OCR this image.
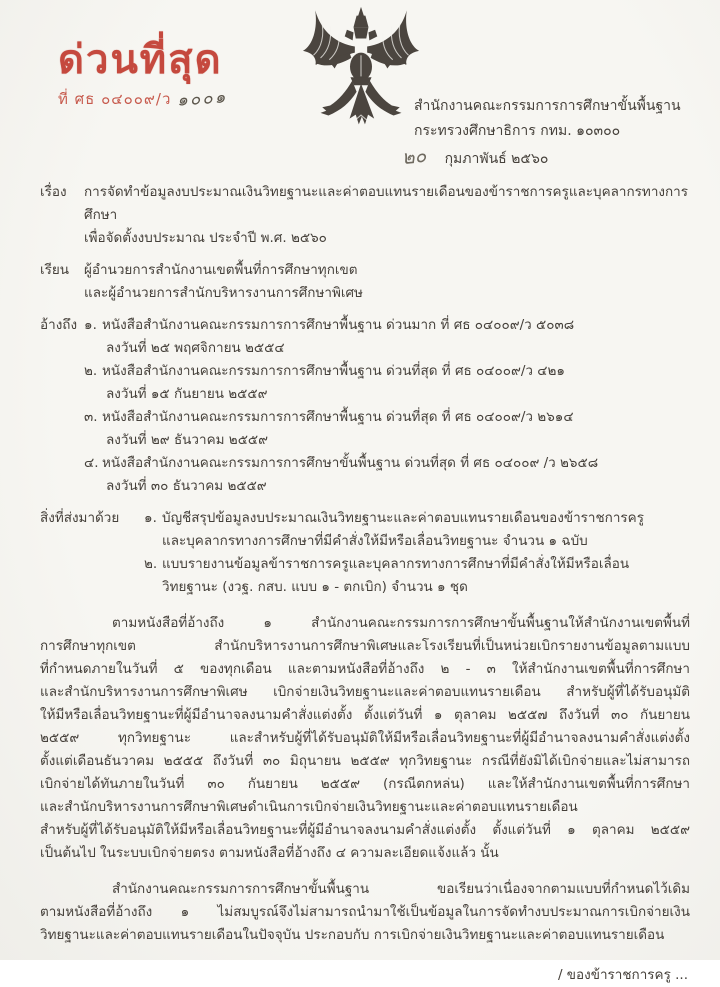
ด่วนที่สุด
ที่ ศธ ๐๔๐๐๙/ว ๑๐๐๑	สำนักงานคณะกรรมการการศึกษาขั้นพื้นฐาน
กระทรวงศึกษาธิการ กทม. ๑๐๓๐๐
๒๐ กุมภาพันธ์ ๒๕๖๐
เรื่อง	การจัดทำข้อมูลงบประมาณเงินวิทยฐานะและค่าตอบแทนรายเดือนของข้าราชการครูและบุคลากรทางการศึกษา
เพื่อจัดตั้งงบประมาณ ประจำปี พ.ศ. ๒๕๖๐
เรียน	ผู้อำนวยการสำนักงานเขตพื้นที่การศึกษาทุกเขต
และผู้อำนวยการสำนักบริหารงานการศึกษาพิเศษ
อ้างถึง ๑. หนังสือสำนักงานคณะกรรมการการศึกษาพื้นฐาน ด่วนมาก ที่ ศธ ๐๔๐๐๙/ว ๕๐๓๘
ลงวันที่ ๒๕ พฤศจิกายน ๒๕๕๔
๒. หนังสือสำนักงานคณะกรรมการการศึกษาพื้นฐาน ด่วนที่สุด ที่ ศธ ๐๔๐๐๙/ว ๔๒๑
ลงวันที่ ๑๕ กันยายน ๒๕๕๙
๓. หนังสือสำนักงานคณะกรรมการการศึกษาพื้นฐาน ด่วนที่สุด ที่ ศธ ๐๔๐๐๙/ว ๒๖๑๔
ลงวันที่ ๒๙ ธันวาคม ๒๕๕๙
๔. หนังสือสำนักงานคณะกรรมการการศึกษาขั้นพื้นฐาน ด่วนที่สุด ที่ ศธ ๐๔๐๐๙ /ว ๒๖๕๘
ลงวันที่ ๓๐ ธันวาคม ๒๕๕๙
สิ่งที่ส่งมาด้วย	๑. บัญชีสรุปข้อมูลงบประมาณเงินวิทยฐานะและค่าตอบแทนรายเดือนของข้าราชการครู
และบุคลากรทางการศึกษาที่มีคำสั่งให้มีหรือเลื่อนวิทยฐานะ จำนวน ๑ ฉบับ
๒. แบบรายงานข้อมูลข้าราชการครูและบุคลากรทางการศึกษาที่มีคำสั่งให้มีหรือเลื่อน
วิทยฐานะ (งวฐ. กสบ. แบบ ๑ - ตกเบิก) จำนวน ๑ ชุด
ตามหนังสือที่อ้างถึง ๑ สำนักงานคณะกรรมการการศึกษาขั้นพื้นฐานให้สำนักงานเขตพื้นที่
การศึกษาทุกเขต สำนักบริหารงานการศึกษาพิเศษและโรงเรียนที่เป็นหน่วยเบิกรายงานข้อมูลตามแบบ
ที่กำหนดภายในวันที่ ๕ ของทุกเดือน และตามหนังสือที่อ้างถึง ๒ - ๓ ให้สำนักงานเขตพื้นที่การศึกษา
และสำนักบริหารงานการศึกษาพิเศษ เบิกจ่ายเงินวิทยฐานะและค่าตอบแทนรายเดือน สำหรับผู้ที่ได้รับอนุมัติ
ให้มีหรือเลื่อนวิทยฐานะที่ผู้มีอำนาจลงนามคำสั่งแต่งตั้ง ตั้งแต่วันที่ ๑ ตุลาคม ๒๕๕๗ ถึงวันที่ ๓๐ กันยายน
๒๕๕๙ ทุกวิทยฐานะ และสำหรับผู้ที่ได้รับอนุมัติให้มีหรือเลื่อนวิทยฐานะที่ผู้มีอำนาจลงนามคำสั่งแต่งตั้ง
ตั้งแต่เดือนธันวาคม ๒๕๕๕ ถึงวันที่ ๓๐ มิถุนายน ๒๕๕๙ ทุกวิทยฐานะ กรณีที่ยังมิได้เบิกจ่ายและไม่สามารถ
เบิกจ่ายได้ทันภายในวันที่ ๓๐ กันยายน ๒๕๕๙ (กรณีตกหล่น) และให้สำนักงานเขตพื้นที่การศึกษา
และสำนักบริหารงานการศึกษาพิเศษดำเนินการเบิกจ่ายเงินวิทยฐานะและค่าตอบแทนรายเดือน
สำหรับผู้ที่ได้รับอนุมัติให้มีหรือเลื่อนวิทยฐานะที่ผู้มีอำนาจลงนามคำสั่งแต่งตั้ง ตั้งแต่วันที่ ๑ ตุลาคม ๒๕๕๙
เป็นต้นไป ในระบบเบิกจ่ายตรง ตามหนังสือที่อ้างถึง ๔ ความละเอียดแจ้งแล้ว นั้น
สำนักงานคณะกรรมการการศึกษาขั้นพื้นฐาน ขอเรียนว่าเนื่องจากตามแบบที่กำหนดไว้เดิม
ตามหนังสือที่อ้างถึง ๑ ไม่สมบูรณ์จึงไม่สามารถนำมาใช้เป็นข้อมูลในการจัดทำงบประมาณการเบิกจ่ายเงิน
วิทยฐานะและค่าตอบแทนรายเดือนในปัจจุบัน ประกอบกับ การเบิกจ่ายเงินวิทยฐานะและค่าตอบแทนรายเดือน
/ ของข้าราชการครู ...
